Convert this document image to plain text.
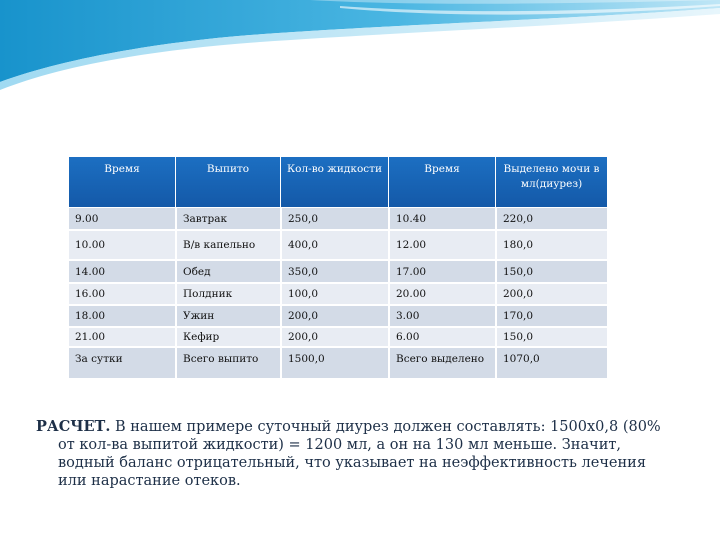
Время	Выпито	Кол-во жидкости	Время	Выделено мочи в мл(диурез)
9.00	Завтрак	250,0	10.40	220,0
10.00	В/в капельно	400,0	12.00	180,0
14.00	Обед	350,0	17.00	150,0
16.00	Полдник	100,0	20.00	200,0
18.00	Ужин	200,0	3.00	170,0
21.00	Кефир	200,0	6.00	150,0
За сутки	Всего выпито	1500,0	Всего выделено	1070,0

РАСЧЕТ. В нашем примере суточный диурез должен составлять: 1500х0,8 (80% от кол-ва выпитой жидкости) = 1200 мл, а он на 130 мл меньше. Значит, водный баланс отрицательный, что указывает на неэффективность лечения или нарастание отеков.
